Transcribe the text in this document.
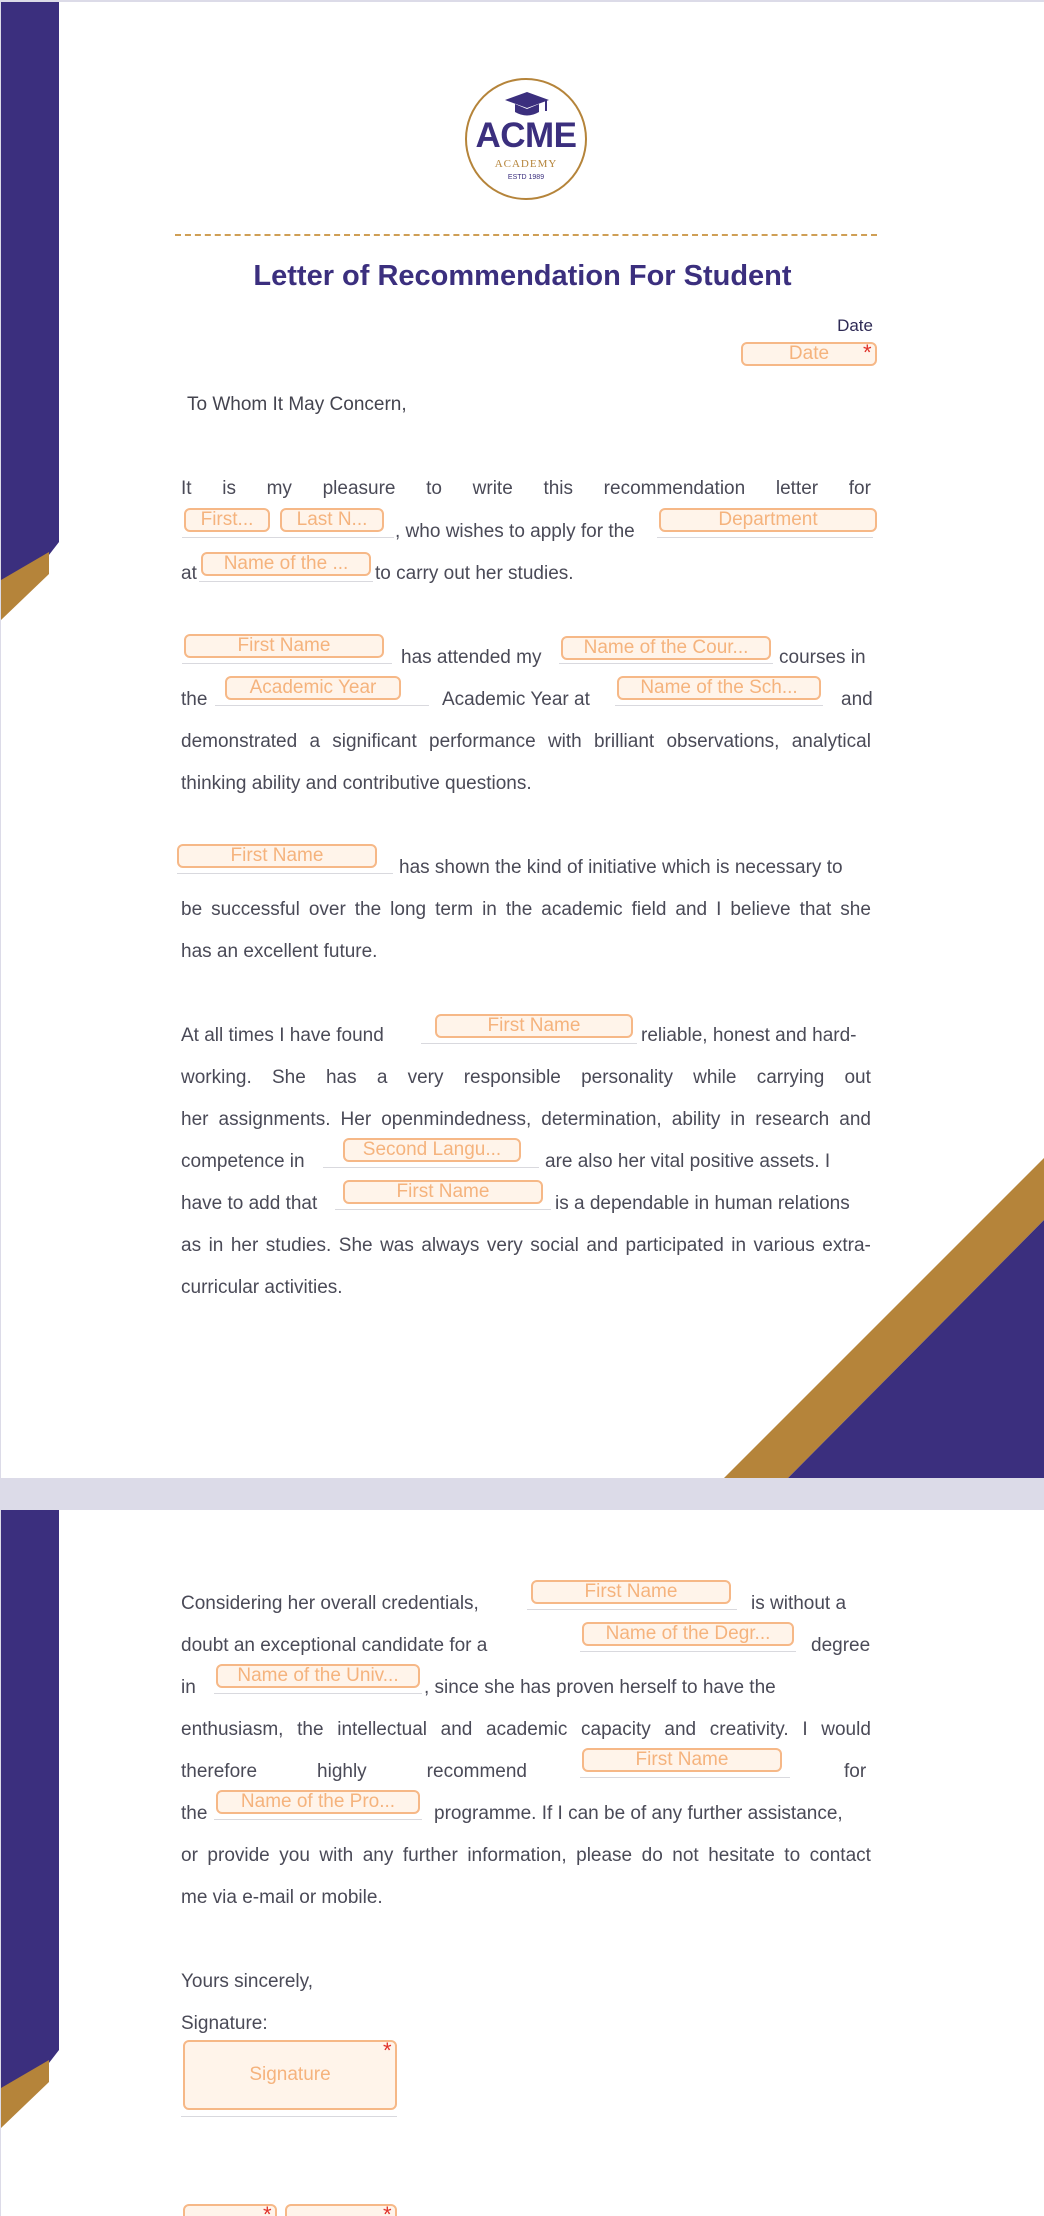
ACME
ACADEMY
ESTD 1989
Letter of Recommendation For Student
Date
Date	*
To Whom It May Concern,
It is my pleasure to write this recommendation letter for
First...	Last N...
, who wishes to apply for the
Department
at	Name of the ...	to carry out her studies.
First Name
has attended my	Name of the Cour...	courses in
the
Academic Year
Academic Year at
Name of the Sch...
and
demonstrated a significant performance with brilliant observations, analytical
thinking ability and contributive questions.
First Name
has shown the kind of initiative which is necessary to
be successful over the long term in the academic field and I believe that she
has an excellent future.
At all times I have found	First Name	reliable, honest and hard-
working. She has a very responsible personality while carrying out
her assignments. Her openmindedness, determination, ability in research and
competence in
Second Langu...
are also her vital positive assets. I
have to add that
First Name
is a dependable in human relations
as in her studies. She was always very social and participated in various extra-
curricular activities.
Considering her overall credentials,
First Name
is without a
doubt an exceptional candidate for a
Name of the Degr...
degree
in
Name of the Univ...
, since she has proven herself to have the
enthusiasm, the intellectual and academic capacity and creativity. I would
therefore	highly	recommend
First Name
for
the
Name of the Pro...
programme. If I can be of any further assistance,
or provide you with any further information, please do not hesitate to contact
me via e-mail or mobile.
Yours sincerely,
Signature:
Signature
*
*	*
